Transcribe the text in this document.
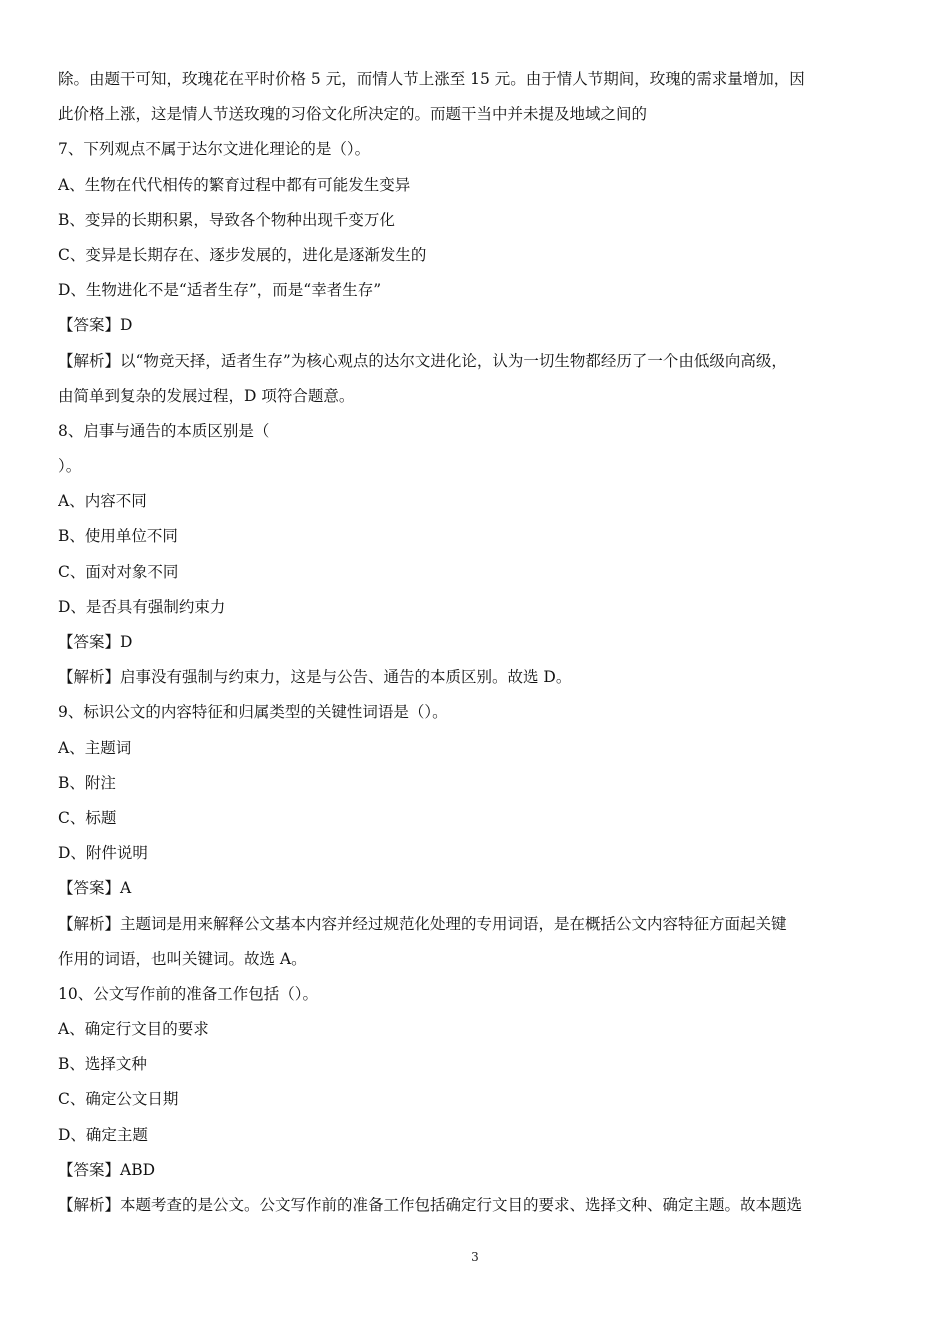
除。由题干可知，玫瑰花在平时价格 5 元，而情人节上涨至 15 元。由于情人节期间，玫瑰的需求量增加，因
此价格上涨，这是情人节送玫瑰的习俗文化所决定的。而题干当中并未提及地域之间的
7、下列观点不属于达尔文进化理论的是（）。
A、生物在代代相传的繁育过程中都有可能发生变异
B、变异的长期积累，导致各个物种出现千变万化
C、变异是长期存在、逐步发展的，进化是逐渐发生的
D、生物进化不是“适者生存”，而是“幸者生存”
【答案】D
【解析】以“物竞天择，适者生存”为核心观点的达尔文进化论，认为一切生物都经历了一个由低级向高级，
由简单到复杂的发展过程，D 项符合题意。
8、启事与通告的本质区别是（
）。
A、内容不同
B、使用单位不同
C、面对对象不同
D、是否具有强制约束力
【答案】D
【解析】启事没有强制与约束力，这是与公告、通告的本质区别。故选 D。
9、标识公文的内容特征和归属类型的关键性词语是（）。
A、主题词
B、附注
C、标题
D、附件说明
【答案】A
【解析】主题词是用来解释公文基本内容并经过规范化处理的专用词语，是在概括公文内容特征方面起关键
作用的词语，也叫关键词。故选 A。
10、公文写作前的准备工作包括（）。
A、确定行文目的要求
B、选择文种
C、确定公文日期
D、确定主题
【答案】ABD
【解析】本题考查的是公文。公文写作前的准备工作包括确定行文目的要求、选择文种、确定主题。故本题选
3
